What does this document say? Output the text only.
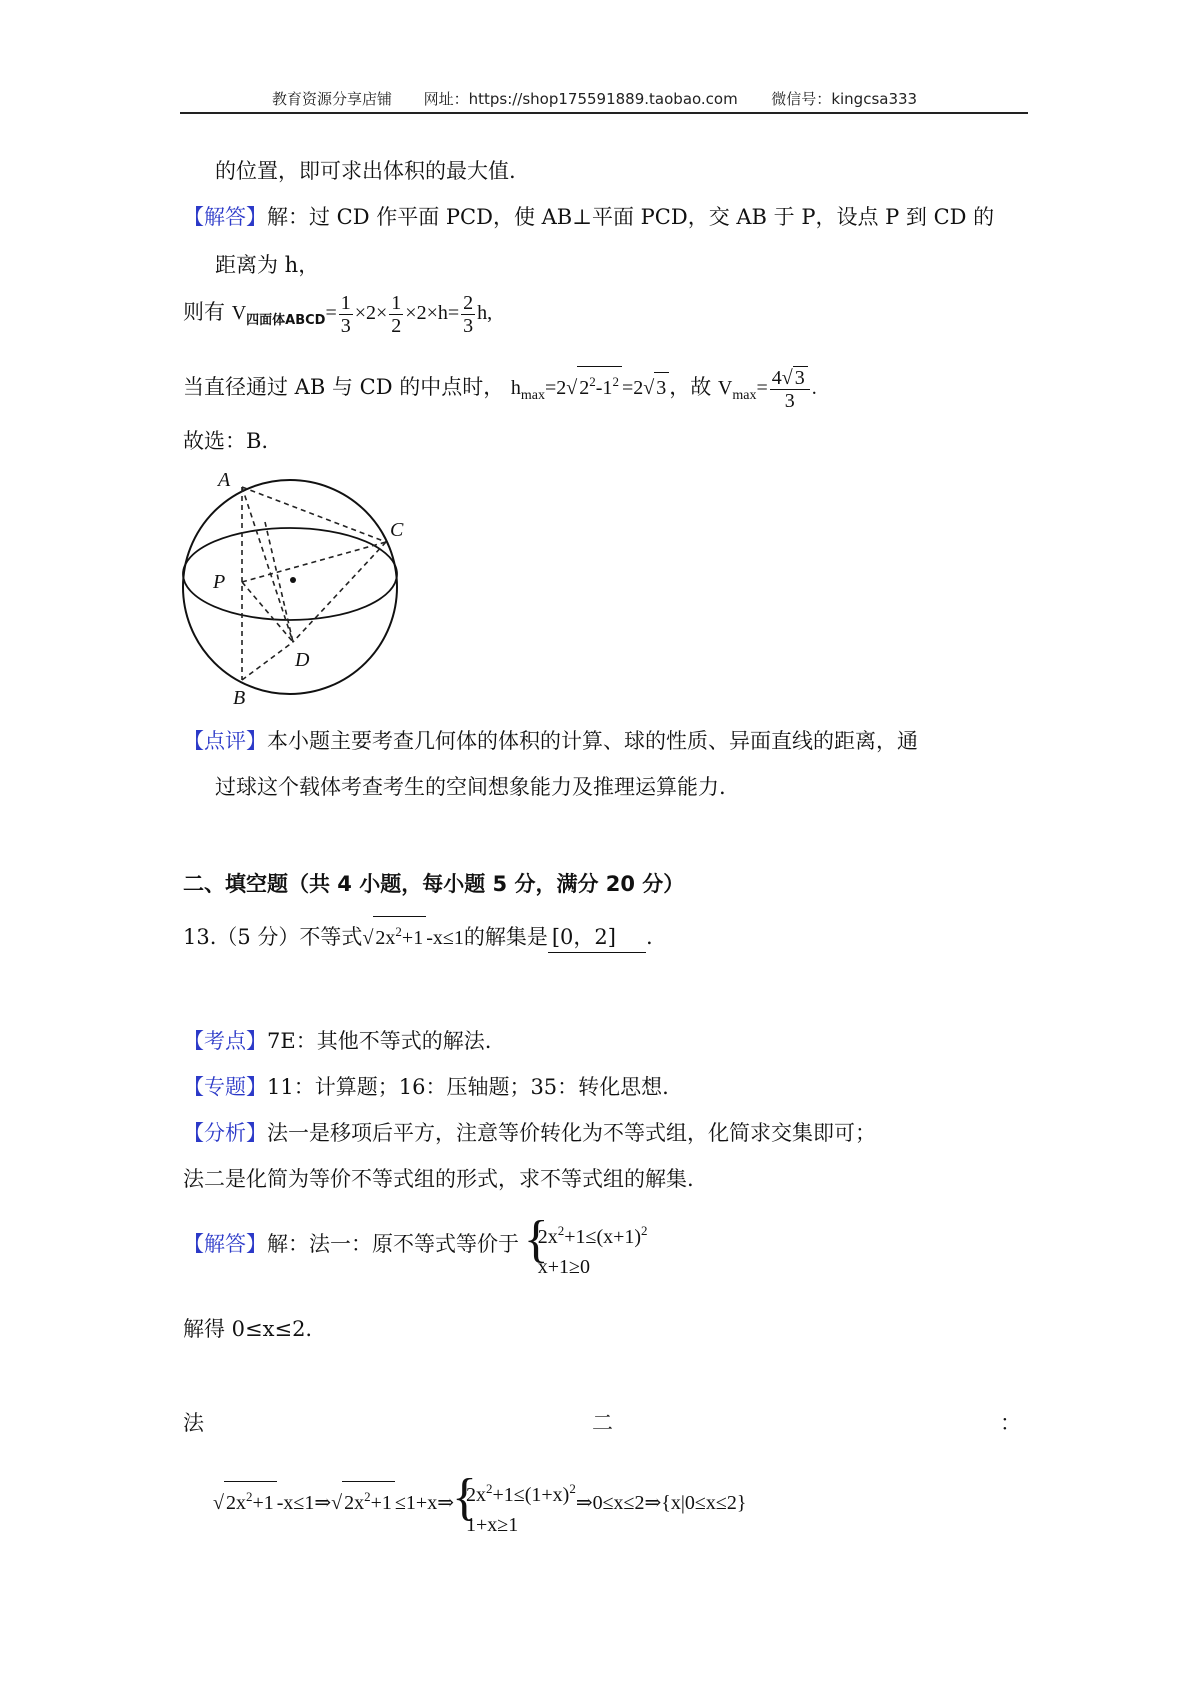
教育资源分享店铺 网址：https://shop175591889.taobao.com 微信号：kingcsa333
的位置，即可求出体积的最大值.
【解答】解：过 CD 作平面 PCD，使 AB⊥平面 PCD，交 AB 于 P，设点 P 到 CD 的
距离为 h，
则有 $V_{四面体ABCD}= \frac{1}{3} \times 2\times \frac{1}{2} \times 2\times h= \frac{2}{3} h$,
当直径通过 AB 与 CD 的中点时， $h_{max}=2√$ $2^2-1^2 =2√$ 3 ，故 $V_{max}= \frac{4√ 3}{3}$ .
故选：B.
A
C
P
D
B
【点评】本小题主要考查几何体的体积的计算、球的性质、异面直线的距离，通
过球这个载体考查考生的空间想象能力及推理运算能力.
二、填空题（共 4 小题，每小题 5 分，满分 20 分）
13.（5 分）不等式√ $2x^2+1$ -x≤1的解集是 [0，2] .
【考点】7E：其他不等式的解法.
【专题】11：计算题；16：压轴题；35：转化思想.
【分析】法一是移项后平方，注意等价转化为不等式组，化简求交集即可；
法二是化简为等价不等式组的形式，求不等式组的解集.
【解答】解：法一：原不等式等价于 { $2x^2+1\le(x+1)^2$
x+1≥0
解得 0≤x≤2.
法	二	：
√ $2x^2+1$ -x≤1⇒√ $2x^2+1$ ≤1+x⇒ { $2x^2+1\le(1+x)^2$
1+x≥1
⇒0≤x≤2⇒{x|0≤x≤2}
